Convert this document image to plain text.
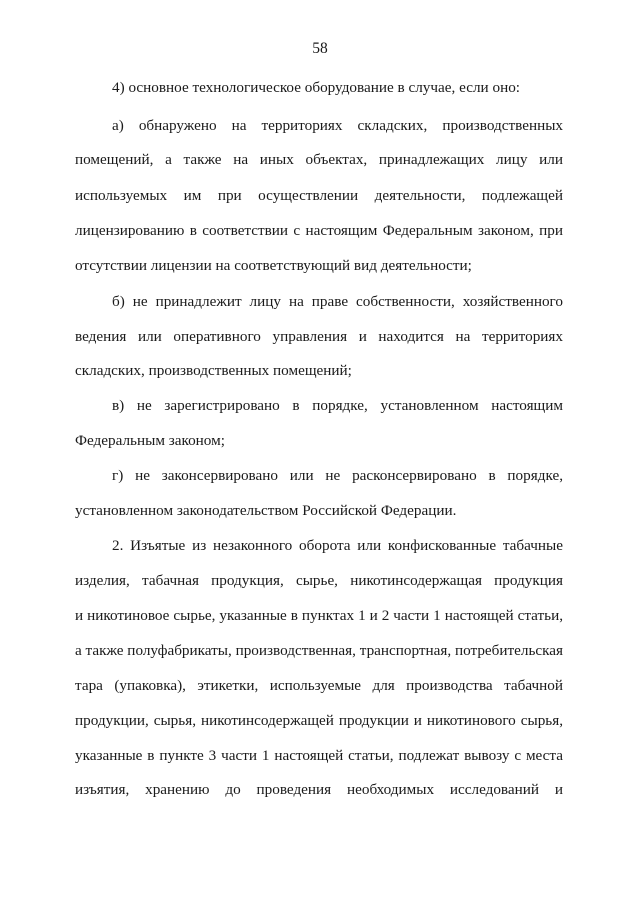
58
4) основное технологическое оборудование в случае, если оно:
а) обнаружено на территориях складских, производственных
помещений, а также на иных объектах, принадлежащих лицу или
используемых им при осуществлении деятельности, подлежащей
лицензированию в соответствии с настоящим Федеральным законом, при
отсутствии лицензии на соответствующий вид деятельности;
б) не принадлежит лицу на праве собственности, хозяйственного
ведения или оперативного управления и находится на территориях
складских, производственных помещений;
в) не зарегистрировано в порядке, установленном настоящим
Федеральным законом;
г) не законсервировано или не расконсервировано в порядке,
установленном законодательством Российской Федерации.
2. Изъятые из незаконного оборота или конфискованные табачные
изделия, табачная продукция, сырье, никотинсодержащая продукция
и никотиновое сырье, указанные в пунктах 1 и 2 части 1 настоящей статьи,
а также полуфабрикаты, производственная, транспортная, потребительская
тара (упаковка), этикетки, используемые для производства табачной
продукции, сырья, никотинсодержащей продукции и никотинового сырья,
указанные в пункте 3 части 1 настоящей статьи, подлежат вывозу с места
изъятия, хранению до проведения необходимых исследований и
